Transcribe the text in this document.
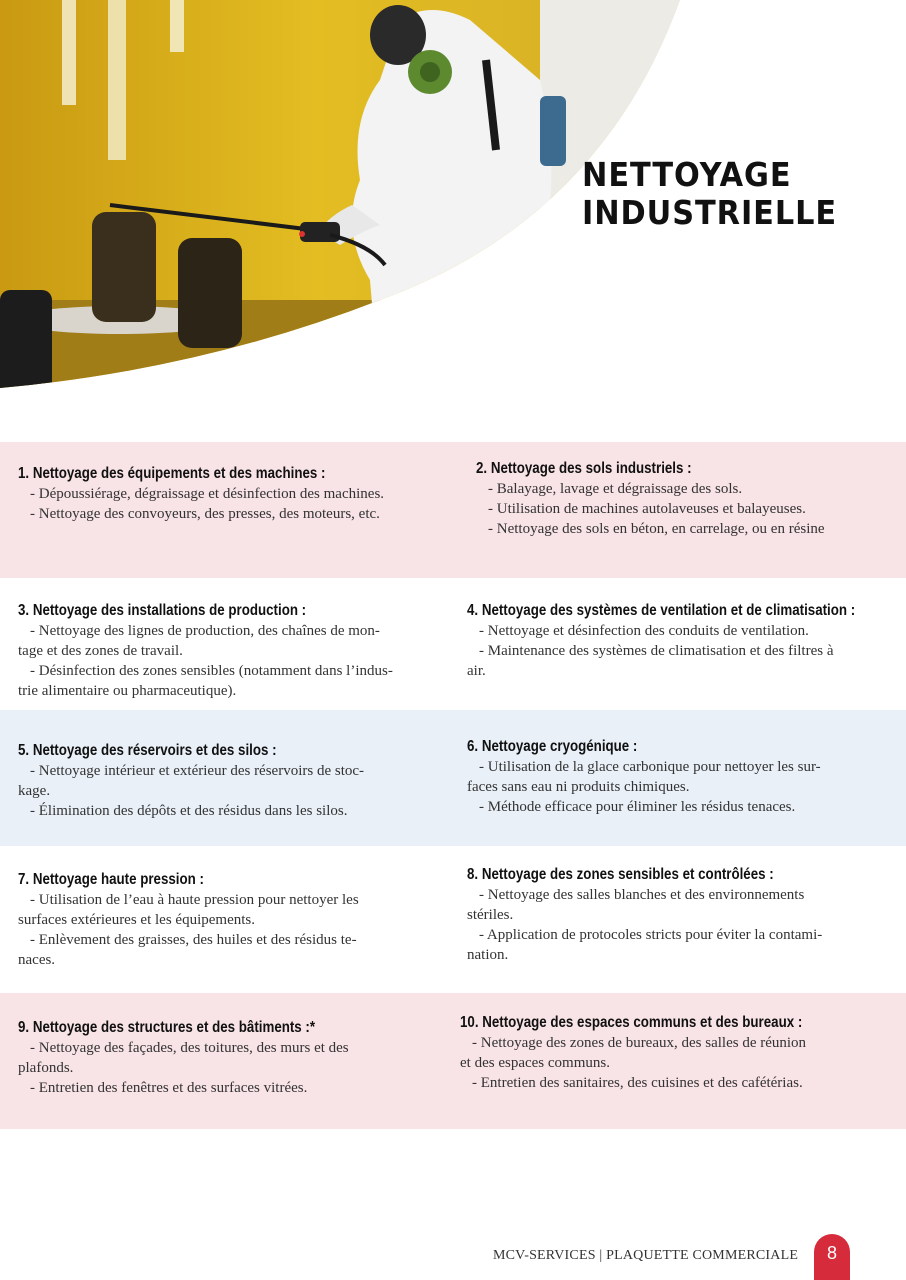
NETTOYAGE
INDUSTRIELLE
1. Nettoyage des équipements et des machines :

- Dépoussiérage, dégraissage et désinfection des machines.

- Nettoyage des convoyeurs, des presses, des moteurs, etc.

2. Nettoyage des sols industriels :

- Balayage, lavage et dégraissage des sols.

- Utilisation de machines autolaveuses et balayeuses.

- Nettoyage des sols en béton, en carrelage, ou en résine

3. Nettoyage des installations de production :

- Nettoyage des lignes de production, des chaînes de mon-

tage et des zones de travail.

- Désinfection des zones sensibles (notamment dans l’indus-

trie alimentaire ou pharmaceutique).

4. Nettoyage des systèmes de ventilation et de climatisation :

- Nettoyage et désinfection des conduits de ventilation.

- Maintenance des systèmes de climatisation et des filtres à

air.

5. Nettoyage des réservoirs et des silos :

- Nettoyage intérieur et extérieur des réservoirs de stoc-

kage.

- Élimination des dépôts et des résidus dans les silos.

6. Nettoyage cryogénique :

- Utilisation de la glace carbonique pour nettoyer les sur-

faces sans eau ni produits chimiques.

- Méthode efficace pour éliminer les résidus tenaces.

7. Nettoyage haute pression :

- Utilisation de l’eau à haute pression pour nettoyer les

surfaces extérieures et les équipements.

- Enlèvement des graisses, des huiles et des résidus te-

naces.

8. Nettoyage des zones sensibles et contrôlées :

- Nettoyage des salles blanches et des environnements

stériles.

- Application de protocoles stricts pour éviter la contami-

nation.

9. Nettoyage des structures et des bâtiments :*

- Nettoyage des façades, des toitures, des murs et des

plafonds.

- Entretien des fenêtres et des surfaces vitrées.

10. Nettoyage des espaces communs et des bureaux :

- Nettoyage des zones de bureaux, des salles de réunion

et des espaces communs.

- Entretien des sanitaires, des cuisines et des cafétérias.

MCV-SERVICES | PLAQUETTE COMMERCIALE	8
